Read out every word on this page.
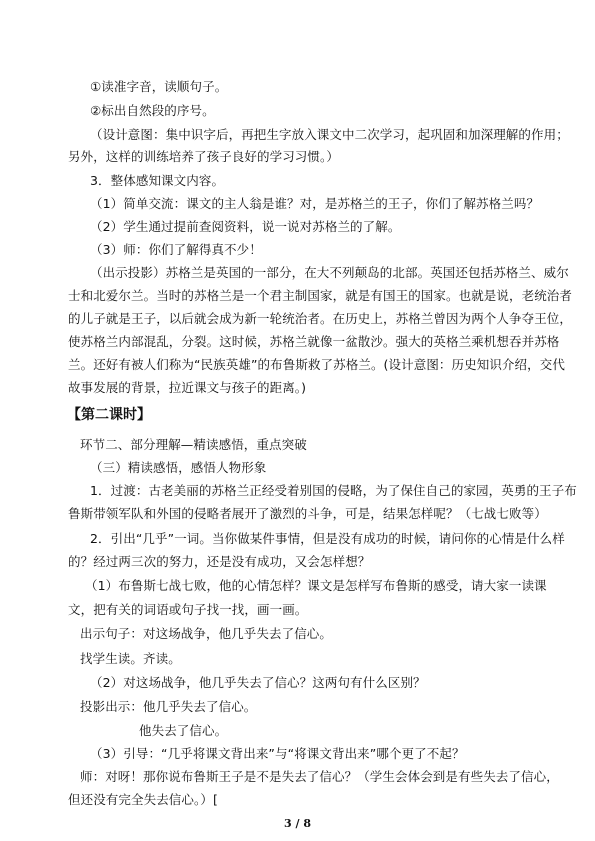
①读准字音，读顺句子。
②标出自然段的序号。
（设计意图：集中识字后，再把生字放入课文中二次学习，起巩固和加深理解的作用；
另外，这样的训练培养了孩子良好的学习习惯。）
3．整体感知课文内容。
（1）简单交流：课文的主人翁是谁？对，是苏格兰的王子，你们了解苏格兰吗？
（2）学生通过提前查阅资料，说一说对苏格兰的了解。
（3）师：你们了解得真不少！
（出示投影）苏格兰是英国的一部分，在大不列颠岛的北部。英国还包括苏格兰、威尔
士和北爱尔兰。当时的苏格兰是一个君主制国家，就是有国王的国家。也就是说，老统治者
的儿子就是王子，以后就会成为新一轮统治者。在历史上，苏格兰曾因为两个人争夺王位，
使苏格兰内部混乱，分裂。这时候，苏格兰就像一盆散沙。强大的英格兰乘机想吞并苏格
兰。还好有被人们称为“民族英雄”的布鲁斯救了苏格兰。(设计意图：历史知识介绍，交代
故事发展的背景，拉近课文与孩子的距离。)
【第二课时】
环节二、部分理解—精读感悟，重点突破
（三）精读感悟，感悟人物形象
1．过渡：古老美丽的苏格兰正经受着别国的侵略，为了保住自己的家园，英勇的王子布
鲁斯带领军队和外国的侵略者展开了激烈的斗争，可是，结果怎样呢？（七战七败等）
2．引出“几乎”一词。当你做某件事情，但是没有成功的时候，请问你的心情是什么样
的？经过两三次的努力，还是没有成功，又会怎样想？
（1）布鲁斯七战七败，他的心情怎样？课文是怎样写布鲁斯的感受，请大家一读课
文，把有关的词语或句子找一找，画一画。
出示句子：对这场战争，他几乎失去了信心。
找学生读。齐读。
（2）对这场战争，他几乎失去了信心？这两句有什么区别？
投影出示：他几乎失去了信心。
他失去了信心。
（3）引导：“几乎将课文背出来”与“将课文背出来”哪个更了不起？
师：对呀！那你说布鲁斯王子是不是失去了信心？（学生会体会到是有些失去了信心，
但还没有完全失去信心。）[
3 / 8
